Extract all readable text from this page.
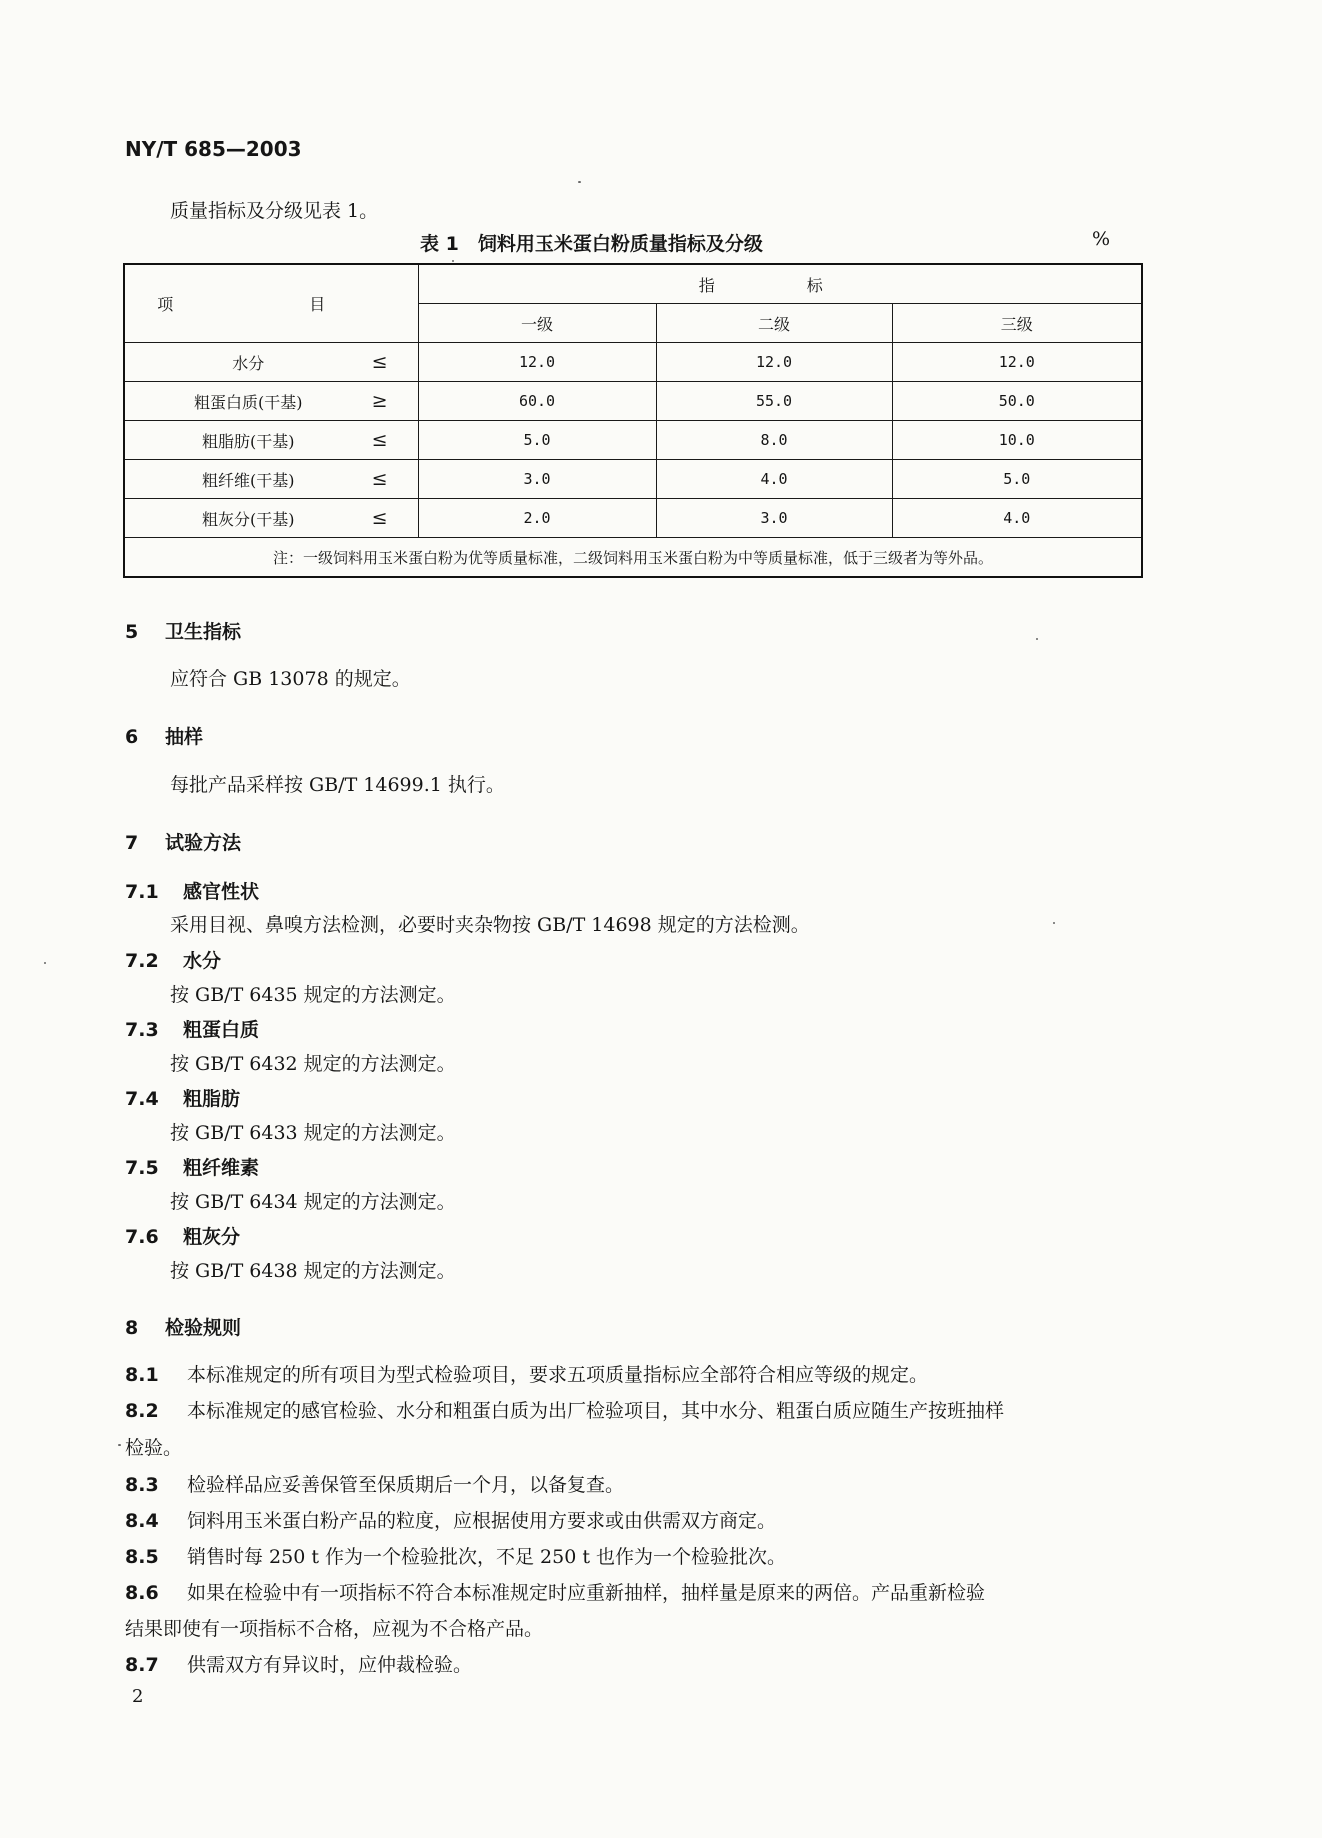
NY/T 685—2003
质量指标及分级见表 1。
表 1　饲料用玉米蛋白粉质量指标及分级	%
项　目	指　标		
	一级	二级	三级
水分 ≤	12.0	12.0	12.0
粗蛋白质(干基) ≥	60.0	55.0	50.0
粗脂肪(干基) ≤	5.0	8.0	10.0
粗纤维(干基) ≤	3.0	4.0	5.0
粗灰分(干基) ≤	2.0	3.0	4.0
注：一级饲料用玉米蛋白粉为优等质量标准，二级饲料用玉米蛋白粉为中等质量标准，低于三级者为等外品。			
5 卫生指标
应符合 GB 13078 的规定。
6 抽样
每批产品采样按 GB/T 14699.1 执行。
7 试验方法
7.1 感官性状
采用目视、鼻嗅方法检测，必要时夹杂物按 GB/T 14698 规定的方法检测。
7.2 水分
按 GB/T 6435 规定的方法测定。
7.3 粗蛋白质
按 GB/T 6432 规定的方法测定。
7.4 粗脂肪
按 GB/T 6433 规定的方法测定。
7.5 粗纤维素
按 GB/T 6434 规定的方法测定。
7.6 粗灰分
按 GB/T 6438 规定的方法测定。
8 检验规则
8.1 本标准规定的所有项目为型式检验项目，要求五项质量指标应全部符合相应等级的规定。
8.2 本标准规定的感官检验、水分和粗蛋白质为出厂检验项目，其中水分、粗蛋白质应随生产按班抽样
检验。
8.3 检验样品应妥善保管至保质期后一个月，以备复查。
8.4 饲料用玉米蛋白粉产品的粒度，应根据使用方要求或由供需双方商定。
8.5 销售时每 250 t 作为一个检验批次，不足 250 t 也作为一个检验批次。
8.6 如果在检验中有一项指标不符合本标准规定时应重新抽样，抽样量是原来的两倍。产品重新检验
结果即使有一项指标不合格，应视为不合格产品。
8.7 供需双方有异议时，应仲裁检验。
2
